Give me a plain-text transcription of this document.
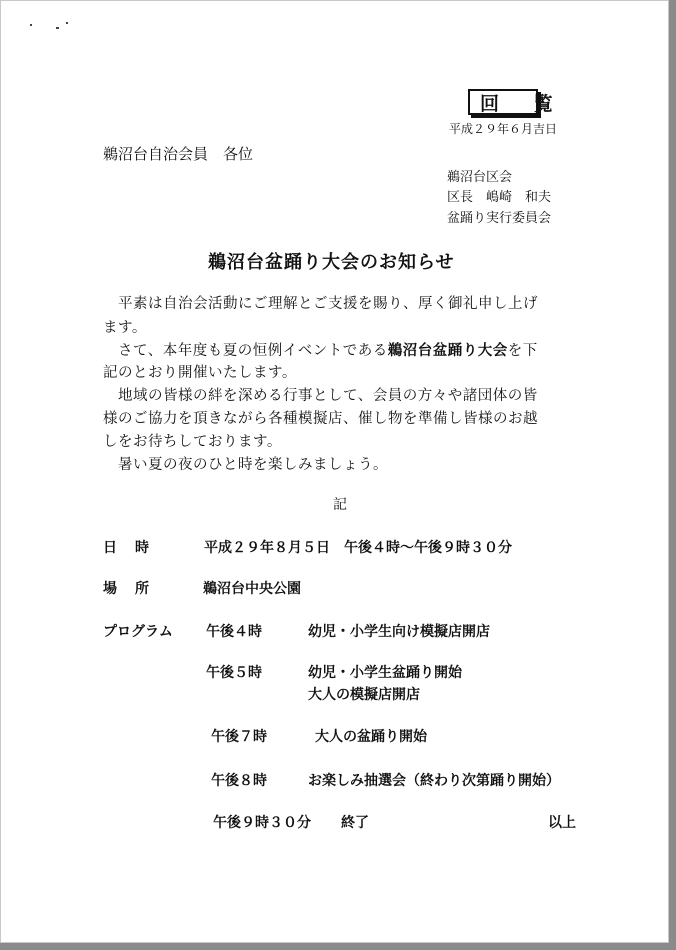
回 覧
平成２９年６月吉日
鵜沼台自治会員　各位
鵜沼台区会
区長　嶋崎　和夫
盆踊り実行委員会
鵜沼台盆踊り大会のお知らせ
平素は自治会活動にご理解とご支援を賜り、厚く御礼申し上げ
ます。
さて、本年度も夏の恒例イベントである鵜沼台盆踊り大会を下
記のとおり開催いたします。
地域の皆様の絆を深める行事として、会員の方々や諸団体の皆
様のご協力を頂きながら各種模擬店、催し物を準備し皆様のお越
しをお待ちしております。
暑い夏の夜のひと時を楽しみましょう。
記
日　時	平成２９年８月５日　午後４時～午後９時３０分
場　所	鵜沼台中央公園
プログラム 午後４時	幼児・小学生向け模擬店開店
午後５時	幼児・小学生盆踊り開始
大人の模擬店開店
午後７時	大人の盆踊り開始
午後８時	お楽しみ抽選会（終わり次第踊り開始）
午後９時３０分 終了	以上
